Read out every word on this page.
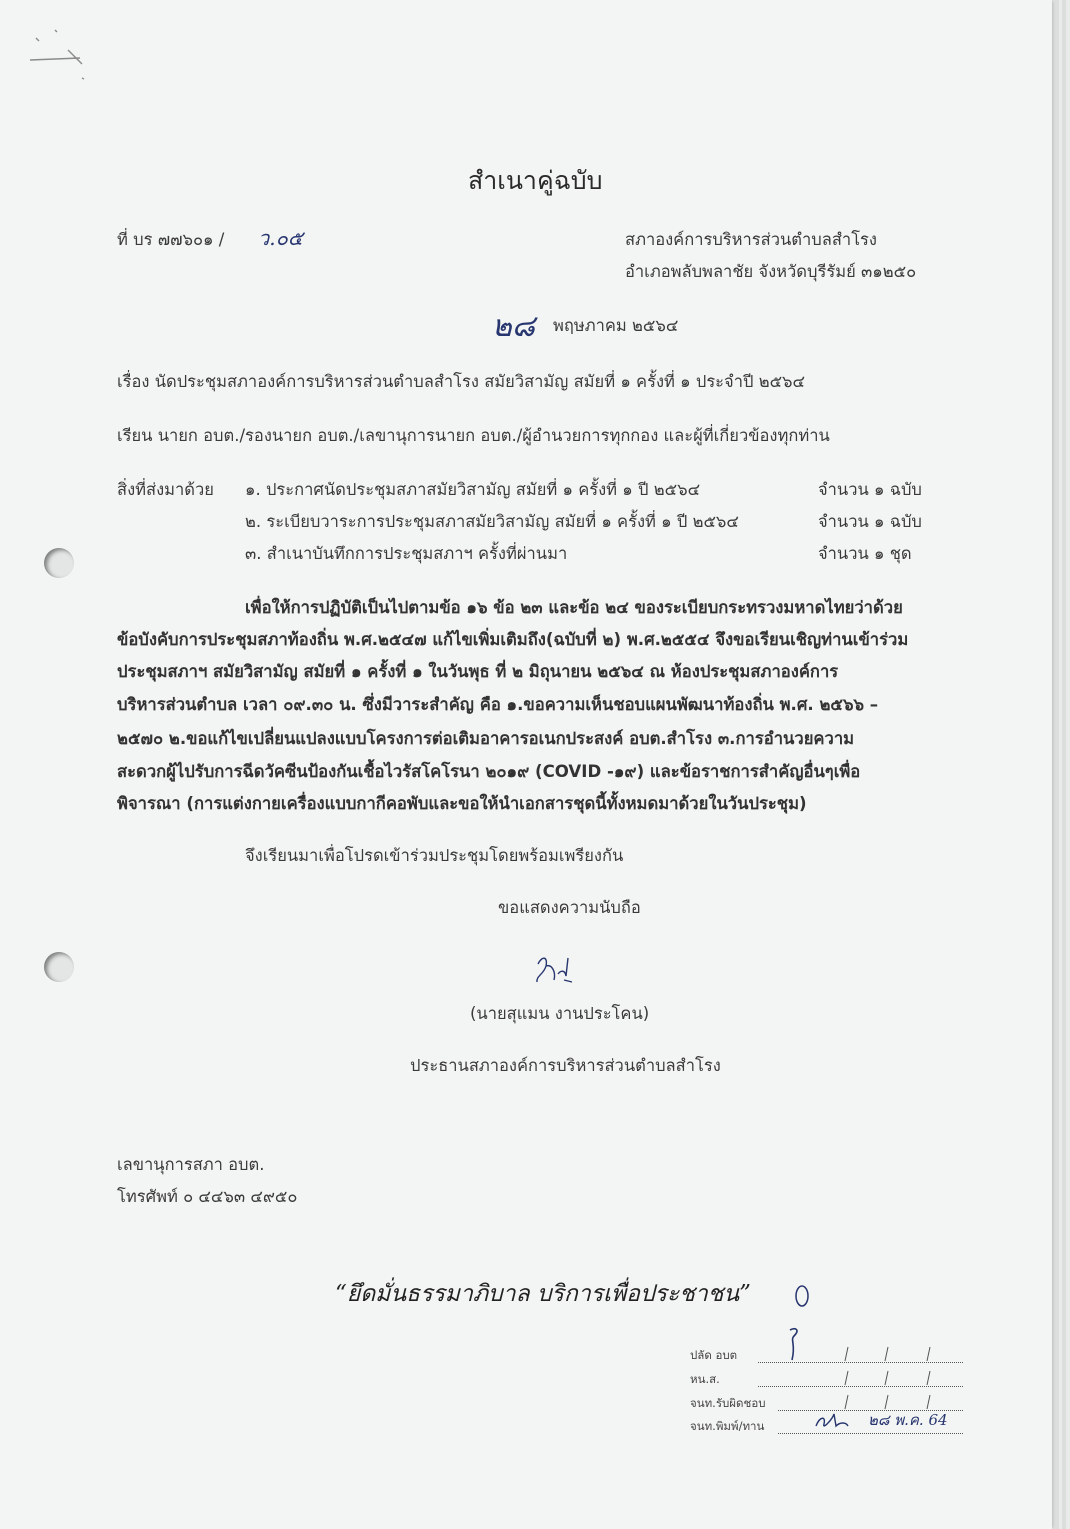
สำเนาคู่ฉบับ
ที่ บร ๗๗๖๐๑ / ว.๐๕	สภาองค์การบริหารส่วนตำบลสำโรง
อำเภอพลับพลาชัย จังหวัดบุรีรัมย์ ๓๑๒๕๐
๒๘ พฤษภาคม ๒๕๖๔
เรื่อง นัดประชุมสภาองค์การบริหารส่วนตำบลสำโรง สมัยวิสามัญ สมัยที่ ๑ ครั้งที่ ๑ ประจำปี ๒๕๖๔
เรียน นายก อบต./รองนายก อบต./เลขานุการนายก อบต./ผู้อำนวยการทุกกอง และผู้ที่เกี่ยวข้องทุกท่าน
สิ่งที่ส่งมาด้วย ๑. ประกาศนัดประชุมสภาสมัยวิสามัญ สมัยที่ ๑ ครั้งที่ ๑ ปี ๒๕๖๔	จำนวน ๑ ฉบับ
๒. ระเบียบวาระการประชุมสภาสมัยวิสามัญ สมัยที่ ๑ ครั้งที่ ๑ ปี ๒๕๖๔	จำนวน ๑ ฉบับ
๓. สำเนาบันทึกการประชุมสภาฯ ครั้งที่ผ่านมา	จำนวน ๑ ชุด
เพื่อให้การปฏิบัติเป็นไปตามข้อ ๑๖ ข้อ ๒๓ และข้อ ๒๔ ของระเบียบกระทรวงมหาดไทยว่าด้วย
ข้อบังคับการประชุมสภาท้องถิ่น พ.ศ.๒๕๔๗ แก้ไขเพิ่มเติมถึง(ฉบับที่ ๒) พ.ศ.๒๕๕๔ จึงขอเรียนเชิญท่านเข้าร่วม
ประชุมสภาฯ สมัยวิสามัญ สมัยที่ ๑ ครั้งที่ ๑ ในวันพุธ ที่ ๒ มิถุนายน ๒๕๖๔ ณ ห้องประชุมสภาองค์การ
บริหารส่วนตำบล เวลา ๐๙.๓๐ น. ซึ่งมีวาระสำคัญ คือ ๑.ขอความเห็นชอบแผนพัฒนาท้องถิ่น พ.ศ. ๒๕๖๖ –
๒๕๗๐ ๒.ขอแก้ไขเปลี่ยนแปลงแบบโครงการต่อเติมอาคารอเนกประสงค์ อบต.สำโรง ๓.การอำนวยความ
สะดวกผู้ไปรับการฉีดวัคซีนป้องกันเชื้อไวรัสโคโรนา ๒๐๑๙ (COVID -๑๙) และข้อราชการสำคัญอื่นๆเพื่อ
พิจารณา (การแต่งกายเครื่องแบบกากีคอพับและขอให้นำเอกสารชุดนี้ทั้งหมดมาด้วยในวันประชุม)
จึงเรียนมาเพื่อโปรดเข้าร่วมประชุมโดยพร้อมเพรียงกัน
ขอแสดงความนับถือ
(นายสุแมน งานประโคน)
ประธานสภาองค์การบริหารส่วนตำบลสำโรง
เลขานุการสภา อบต.
โทรศัพท์ ๐ ๔๔๖๓ ๔๙๕๐
“ยึดมั่นธรรมาภิบาล บริการเพื่อประชาชน”
ปลัด อบต
หน.ส.
จนท.รับผิดชอบ
จนท.พิมพ์/ทาน	๒๘ พ.ค. 64
